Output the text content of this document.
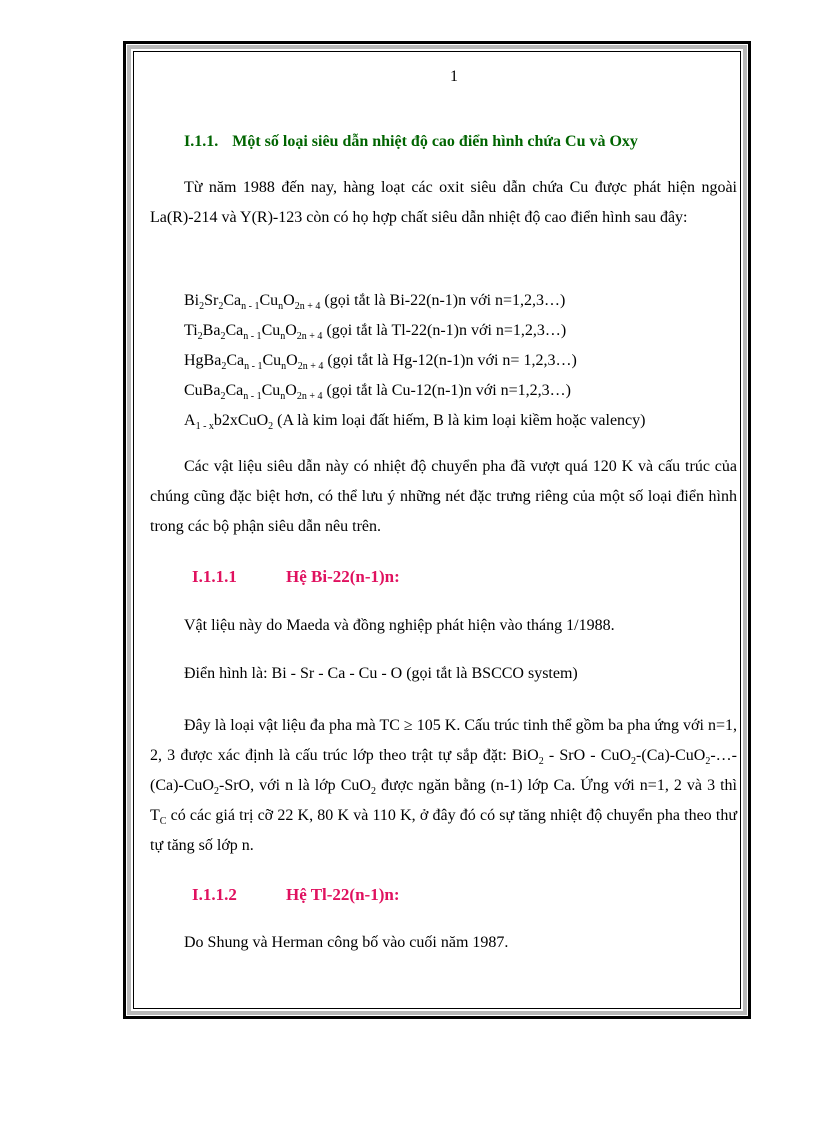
1
I.1.1. Một số loại siêu dẫn nhiệt độ cao điển hình chứa Cu và Oxy

Từ năm 1988 đến nay, hàng loạt các oxit siêu dẫn chứa Cu được phát hiện ngoài La(R)-214 và Y(R)-123 còn có họ hợp chất siêu dẫn nhiệt độ cao điển hình sau đây:

$Bi_2Sr_2Ca_{n - 1}Cu_nO_{2n + 4}$ (gọi tắt là Bi-22(n-1)n với n=1,2,3…)
$Ti_2Ba_2Ca_{n - 1}Cu_nO_{2n + 4}$ (gọi tắt là Tl-22(n-1)n với n=1,2,3…)
$HgBa_2Ca_{n - 1}Cu_nO_{2n + 4}$ (gọi tắt là Hg-12(n-1)n với n= 1,2,3…)
$CuBa_2Ca_{n - 1}Cu_nO_{2n + 4}$ (gọi tắt là Cu-12(n-1)n với n=1,2,3…)
$A_{1 - x}b2xCuO_2$ (A là kim loại đất hiếm, B là kim loại kiềm hoặc valency)

Các vật liệu siêu dẫn này có nhiệt độ chuyển pha đã vượt quá 120 K và cấu trúc của chúng cũng đặc biệt hơn, có thể lưu ý những nét đặc trưng riêng của một số loại điển hình trong các bộ phận siêu dẫn nêu trên.

I.1.1.1	Hệ Bi-22(n-1)n:
Vật liệu này do Maeda và đồng nghiệp phát hiện vào tháng 1/1988.
Điển hình là: Bi - Sr - Ca - Cu - O (gọi tắt là BSCCO system)

Đây là loại vật liệu đa pha mà TC ≥ 105 K. Cấu trúc tinh thể gồm ba pha ứng với n=1, 2, 3 được xác định là cấu trúc lớp theo trật tự sắp đặt: BiO$_2$ - SrO - CuO$_2$-(Ca)-CuO$_2$-…-(Ca)-CuO$_2$-SrO, với n là lớp CuO$_2$ được ngăn bằng (n-1) lớp Ca. Ứng với n=1, 2 và 3 thì $T_C$ có các giá trị cỡ 22 K, 80 K và 110 K, ở đây đó có sự tăng nhiệt độ chuyển pha theo thư tự tăng số lớp n.

I.1.1.2	Hệ Tl-22(n-1)n:
Do Shung và Herman công bố vào cuối năm 1987.
